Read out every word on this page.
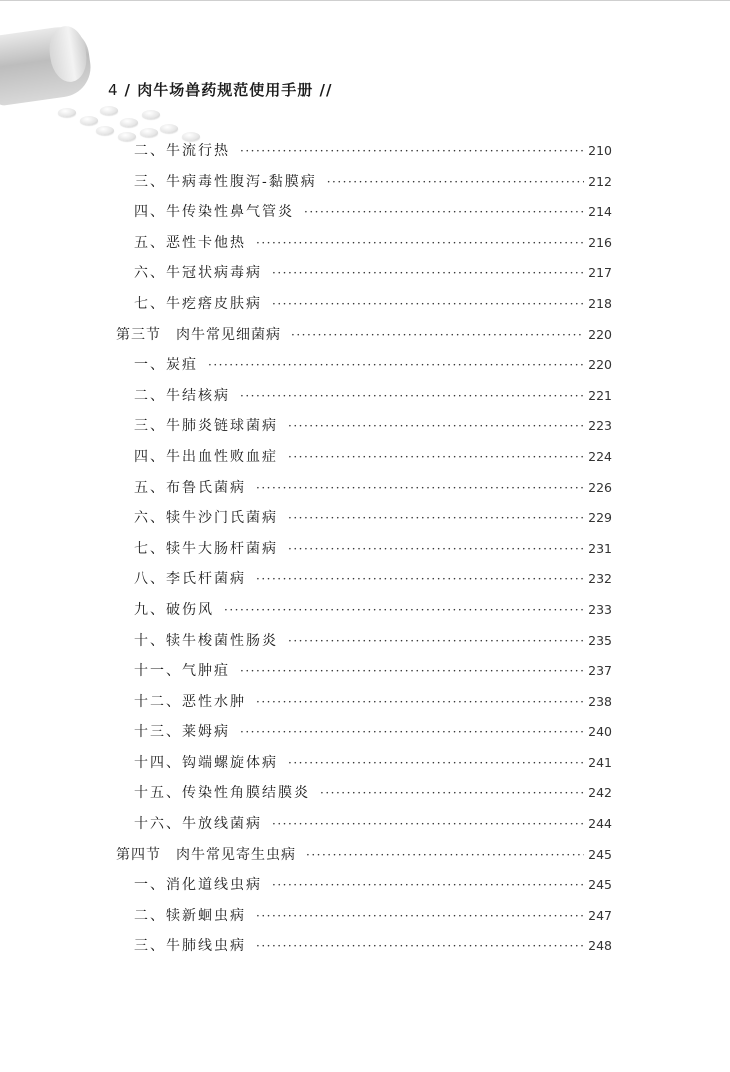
4 / 肉牛场兽药规范使用手册 //
二、牛流行热 ·····	210
三、牛病毒性腹泻-黏膜病 ·····	212
四、牛传染性鼻气管炎 ·····	214
五、恶性卡他热 ·····	216
六、牛冠状病毒病 ·····	217
七、牛疙瘩皮肤病 ·····	218
第三节　肉牛常见细菌病 ·····	220
一、炭疽 ·····	220
二、牛结核病 ·····	221
三、牛肺炎链球菌病 ·····	223
四、牛出血性败血症 ·····	224
五、布鲁氏菌病 ·····	226
六、犊牛沙门氏菌病 ·····	229
七、犊牛大肠杆菌病 ·····	231
八、李氏杆菌病 ·····	232
九、破伤风 ·····	233
十、犊牛梭菌性肠炎 ·····	235
十一、气肿疽 ·····	237
十二、恶性水肿 ·····	238
十三、莱姆病 ·····	240
十四、钩端螺旋体病 ·····	241
十五、传染性角膜结膜炎 ·····	242
十六、牛放线菌病 ·····	244
第四节　肉牛常见寄生虫病 ·····	245
一、消化道线虫病 ·····	245
二、犊新蛔虫病 ·····	247
三、牛肺线虫病 ·····	248
